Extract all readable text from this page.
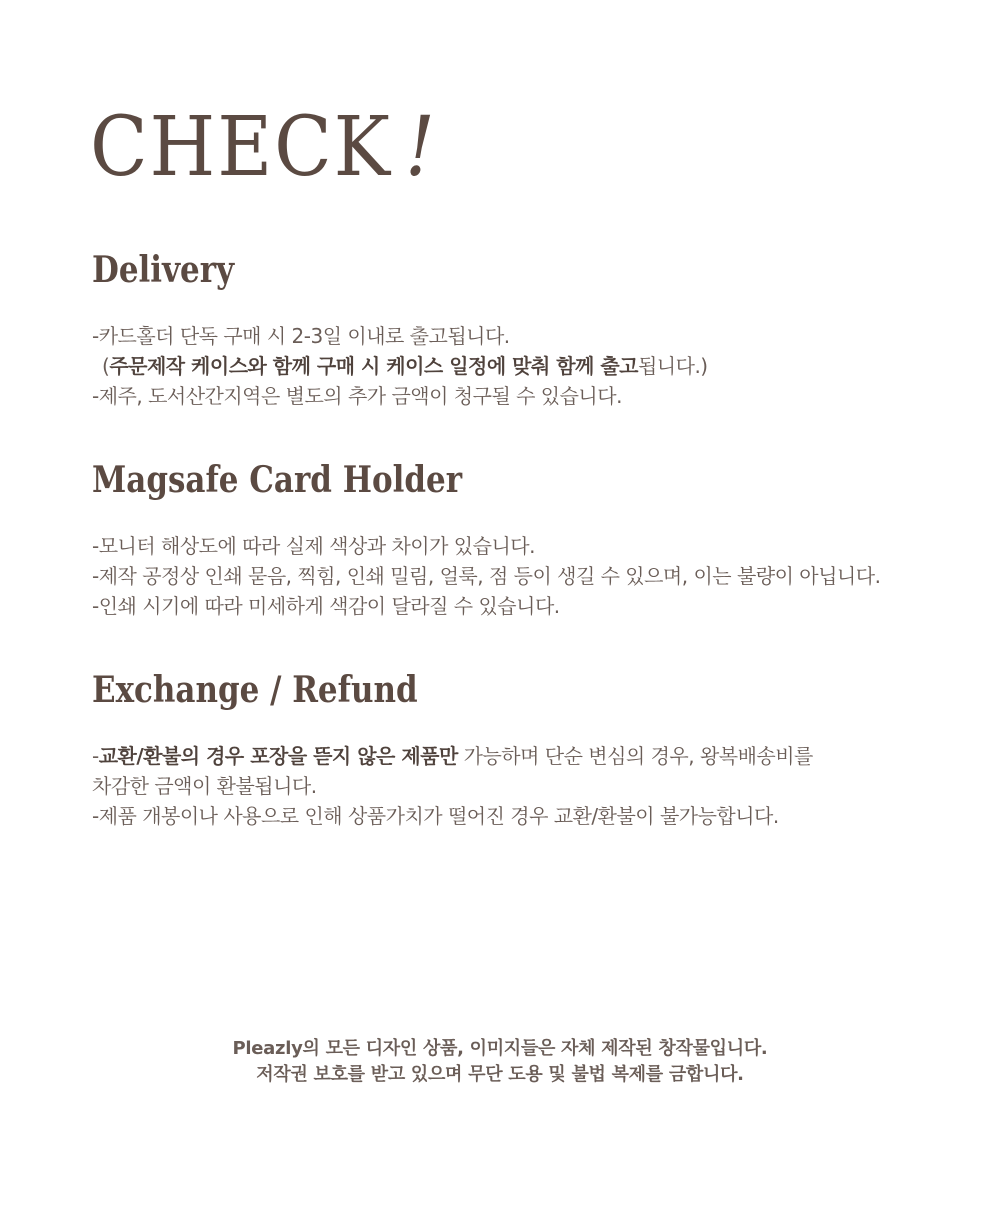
CHECK !
Delivery
-카드홀더 단독 구매 시 2-3일 이내로 출고됩니다.
(주문제작 케이스와 함께 구매 시 케이스 일정에 맞춰 함께 출고됩니다.)
-제주, 도서산간지역은 별도의 추가 금액이 청구될 수 있습니다.
Magsafe Card Holder
-모니터 해상도에 따라 실제 색상과 차이가 있습니다.
-제작 공정상 인쇄 묻음, 찍힘, 인쇄 밀림, 얼룩, 점 등이 생길 수 있으며, 이는 불량이 아닙니다.
-인쇄 시기에 따라 미세하게 색감이 달라질 수 있습니다.
Exchange / Refund
-교환/환불의 경우 포장을 뜯지 않은 제품만 가능하며 단순 변심의 경우, 왕복배송비를
차감한 금액이 환불됩니다.
-제품 개봉이나 사용으로 인해 상품가치가 떨어진 경우 교환/환불이 불가능합니다.
Pleazly의 모든 디자인 상품, 이미지들은 자체 제작된 창작물입니다.
저작권 보호를 받고 있으며 무단 도용 및 불법 복제를 금합니다.
